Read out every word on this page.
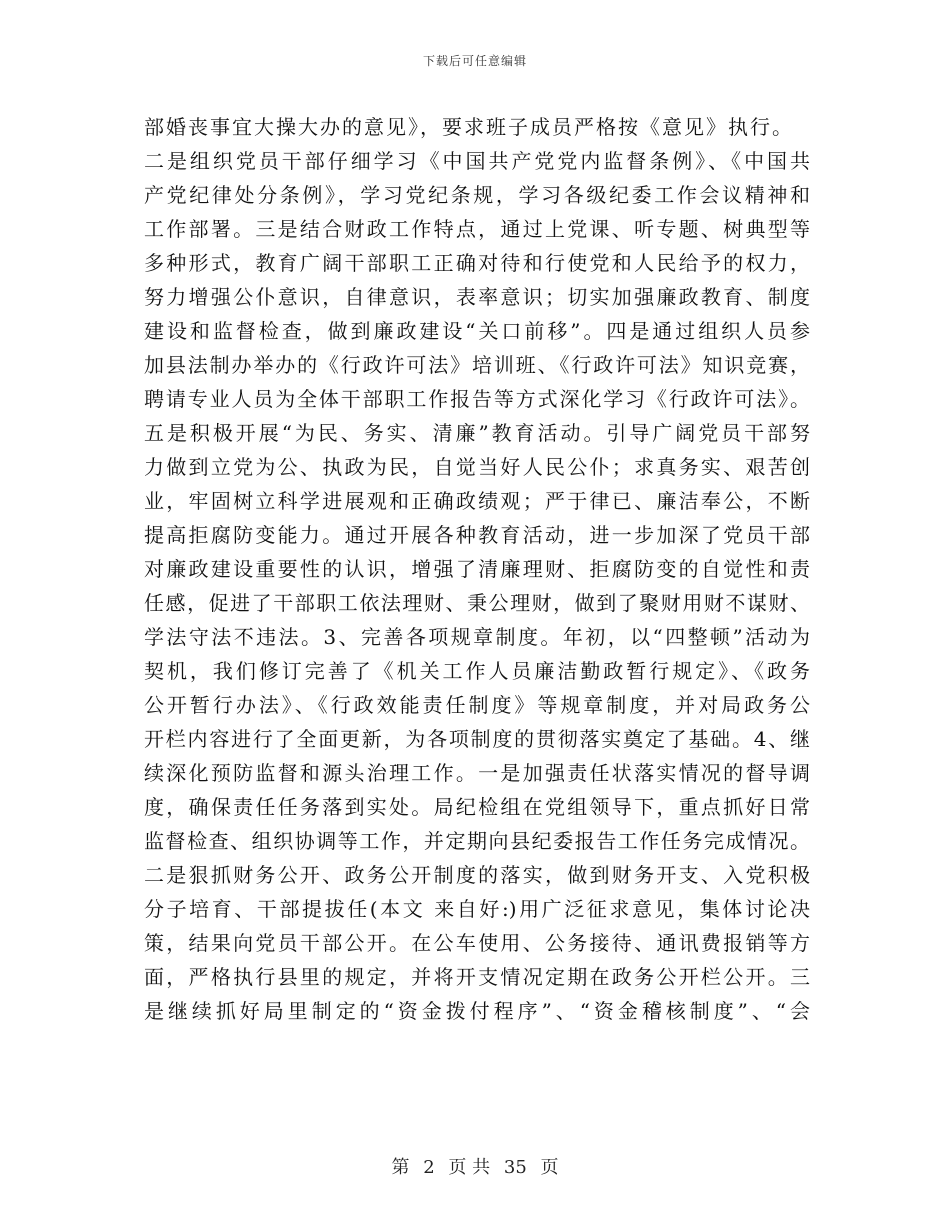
下载后可任意编辑
部婚丧事宜大操大办的意见》，要求班子成员严格按《意见》执行。
二是组织党员干部仔细学习《中国共产党党内监督条例》、《中国共
产党纪律处分条例》，学习党纪条规，学习各级纪委工作会议精神和
工作部署。三是结合财政工作特点，通过上党课、听专题、树典型等
多种形式，教育广阔干部职工正确对待和行使党和人民给予的权力，
努力增强公仆意识，自律意识，表率意识；切实加强廉政教育、制度
建设和监督检查，做到廉政建设“关口前移”。四是通过组织人员参
加县法制办举办的《行政许可法》培训班、《行政许可法》知识竞赛，
聘请专业人员为全体干部职工作报告等方式深化学习《行政许可法》。
五是积极开展“为民、务实、清廉”教育活动。引导广阔党员干部努
力做到立党为公、执政为民，自觉当好人民公仆；求真务实、艰苦创
业，牢固树立科学进展观和正确政绩观；严于律已、廉洁奉公，不断
提高拒腐防变能力。通过开展各种教育活动，进一步加深了党员干部
对廉政建设重要性的认识，增强了清廉理财、拒腐防变的自觉性和责
任感，促进了干部职工依法理财、秉公理财，做到了聚财用财不谋财、
学法守法不违法。3、完善各项规章制度。年初，以“四整顿”活动为
契机，我们修订完善了《机关工作人员廉洁勤政暂行规定》、《政务
公开暂行办法》、《行政效能责任制度》等规章制度，并对局政务公
开栏内容进行了全面更新，为各项制度的贯彻落实奠定了基础。4、继
续深化预防监督和源头治理工作。一是加强责任状落实情况的督导调
度，确保责任任务落到实处。局纪检组在党组领导下，重点抓好日常
监督检查、组织协调等工作，并定期向县纪委报告工作任务完成情况。
二是狠抓财务公开、政务公开制度的落实，做到财务开支、入党积极
分子培育、干部提拔任(本文 来自好:)用广泛征求意见，集体讨论决
策，结果向党员干部公开。在公车使用、公务接待、通讯费报销等方
面，严格执行县里的规定，并将开支情况定期在政务公开栏公开。三
是继续抓好局里制定的“资金拨付程序”、“资金稽核制度”、“会
第 2 页 共 35 页
